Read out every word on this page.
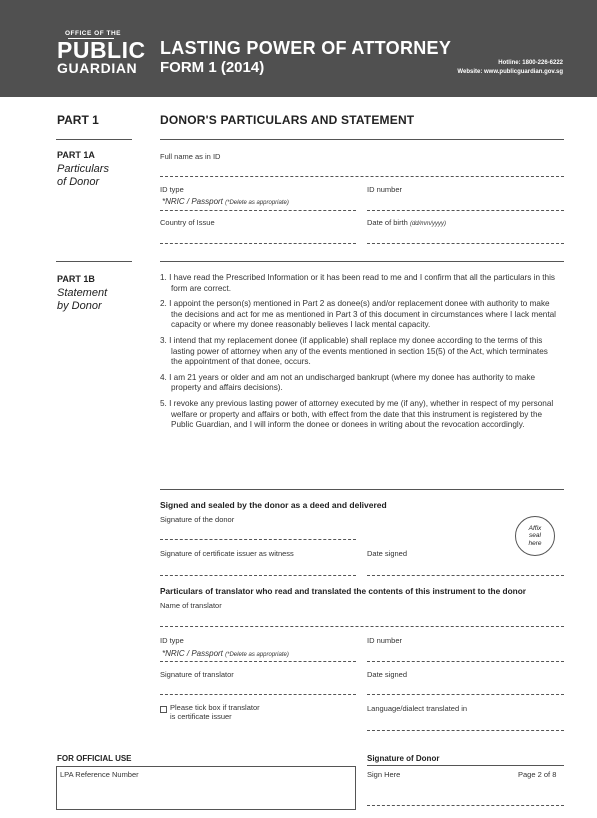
OFFICE OF THE
PUBLIC
GUARDIAN
LASTING POWER OF ATTORNEY
FORM 1 (2014)	Hotline: 1800-226-6222
Website: www.publicguardian.gov.sg
PART 1	DONOR'S PARTICULARS AND STATEMENT
PART 1A
Particulars
of Donor
Full name as in ID
ID type
*NRIC / Passport (*Delete as appropriate)
ID number
Country of Issue	Date of birth (dd/mm/yyyy)
PART 1B
Statement
by Donor
1. I have read the Prescribed Information or it has been read to me and I confirm that all the particulars in this form are correct.
2. I appoint the person(s) mentioned in Part 2 as donee(s) and/or replacement donee with authority to make the decisions and act for me as mentioned in Part 3 of this document in circumstances where I lack mental capacity or where my donee reasonably believes I lack mental capacity.
3. I intend that my replacement donee (if applicable) shall replace my donee according to the terms of this lasting power of attorney when any of the events mentioned in section 15(5) of the Act, which terminates the appointment of that donee, occurs.
4. I am 21 years or older and am not an undischarged bankrupt (where my donee has authority to make property and affairs decisions).
5. I revoke any previous lasting power of attorney executed by me (if any), whether in respect of my personal welfare or property and affairs or both, with effect from the date that this instrument is registered by the Public Guardian, and I will inform the donee or donees in writing about the revocation accordingly.
Signed and sealed by the donor as a deed and delivered
Signature of the donor
Affix
seal
here
Signature of certificate issuer as witness	Date signed
Particulars of translator who read and translated the contents of this instrument to the donor
Name of translator
ID type
*NRIC / Passport (*Delete as appropriate)
ID number
Signature of translator	Date signed
Please tick box if translator
is certificate issuer
Language/dialect translated in
FOR OFFICIAL USE
LPA Reference Number
Signature of Donor
Sign Here	Page 2 of 8
